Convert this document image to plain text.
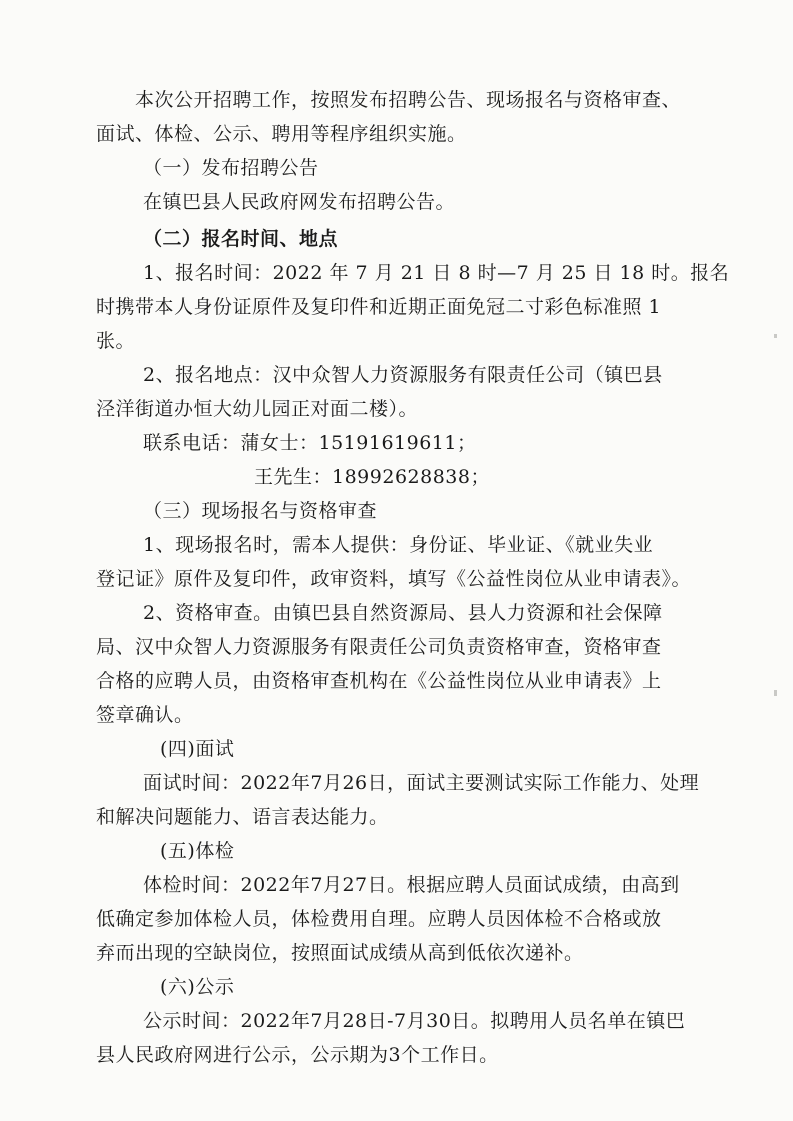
本次公开招聘工作，按照发布招聘公告、现场报名与资格审查、
面试、体检、公示、聘用等程序组织实施。
（一）发布招聘公告
在镇巴县人民政府网发布招聘公告。
（二）报名时间、地点
1、报名时间：2022 年 7 月 21 日 8 时—7 月 25 日 18 时。报名
时携带本人身份证原件及复印件和近期正面免冠二寸彩色标准照 1
张。
2、报名地点：汉中众智人力资源服务有限责任公司（镇巴县
泾洋街道办恒大幼儿园正对面二楼）。
联系电话：蒲女士：15191619611；
王先生：18992628838；
（三）现场报名与资格审查
1、现场报名时，需本人提供：身份证、毕业证、《就业失业
登记证》原件及复印件，政审资料，填写《公益性岗位从业申请表》。
2、资格审查。由镇巴县自然资源局、县人力资源和社会保障
局、汉中众智人力资源服务有限责任公司负责资格审查，资格审查
合格的应聘人员，由资格审查机构在《公益性岗位从业申请表》上
签章确认。
(四)面试
面试时间：2022年7月26日，面试主要测试实际工作能力、处理
和解决问题能力、语言表达能力。
(五)体检
体检时间：2022年7月27日。根据应聘人员面试成绩，由高到
低确定参加体检人员，体检费用自理。应聘人员因体检不合格或放
弃而出现的空缺岗位，按照面试成绩从高到低依次递补。
(六)公示
公示时间：2022年7月28日-7月30日。拟聘用人员名单在镇巴
县人民政府网进行公示，公示期为3个工作日。
